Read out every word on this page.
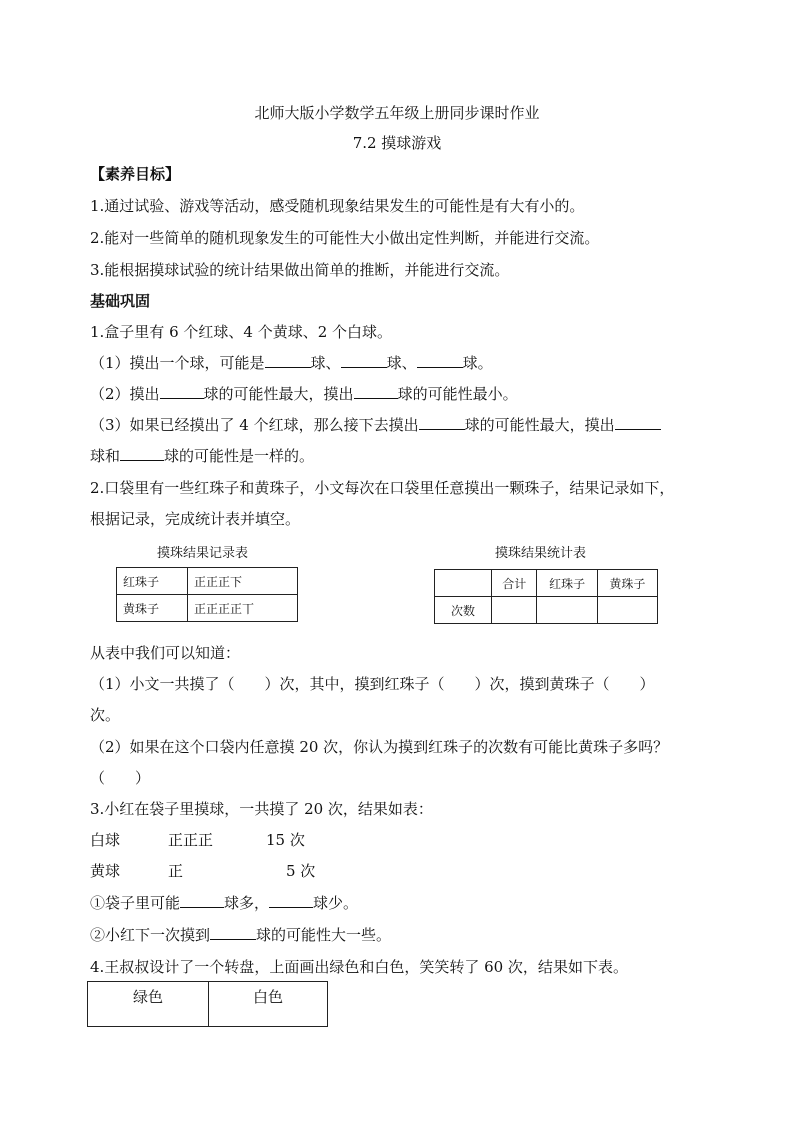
北师大版小学数学五年级上册同步课时作业
7.2 摸球游戏
【素养目标】
1.通过试验、游戏等活动，感受随机现象结果发生的可能性是有大有小的。
2.能对一些简单的随机现象发生的可能性大小做出定性判断，并能进行交流。
3.能根据摸球试验的统计结果做出简单的推断，并能进行交流。
基础巩固
1.盒子里有 6 个红球、4 个黄球、2 个白球。
（1）摸出一个球，可能是	球、	球、	球。
（2）摸出	球的可能性最大，摸出	球的可能性最小。
（3）如果已经摸出了 4 个红球，那么接下去摸出	球的可能性最大，摸出
球和	球的可能性是一样的。
2.口袋里有一些红珠子和黄珠子，小文每次在口袋里任意摸出一颗珠子，结果记录如下，
根据记录，完成统计表并填空。
摸珠结果记录表
红珠子	正正正下
黄珠子	正正正正丅
摸珠结果统计表
	合计	红珠子	黄珠子
次数			
从表中我们可以知道：
（1）小文一共摸了（　　）次，其中，摸到红珠子（　　）次，摸到黄珠子（　　）
次。
（2）如果在这个口袋内任意摸 20 次，你认为摸到红珠子的次数有可能比黄珠子多吗？
（　　）
3.小红在袋子里摸球，一共摸了 20 次，结果如表：
白球	正正正	15 次
黄球	正	5 次
①袋子里可能	球多，	球少。
②小红下一次摸到	球的可能性大一些。
4.王叔叔设计了一个转盘，上面画出绿色和白色，笑笑转了 60 次，结果如下表。
绿色	白色
